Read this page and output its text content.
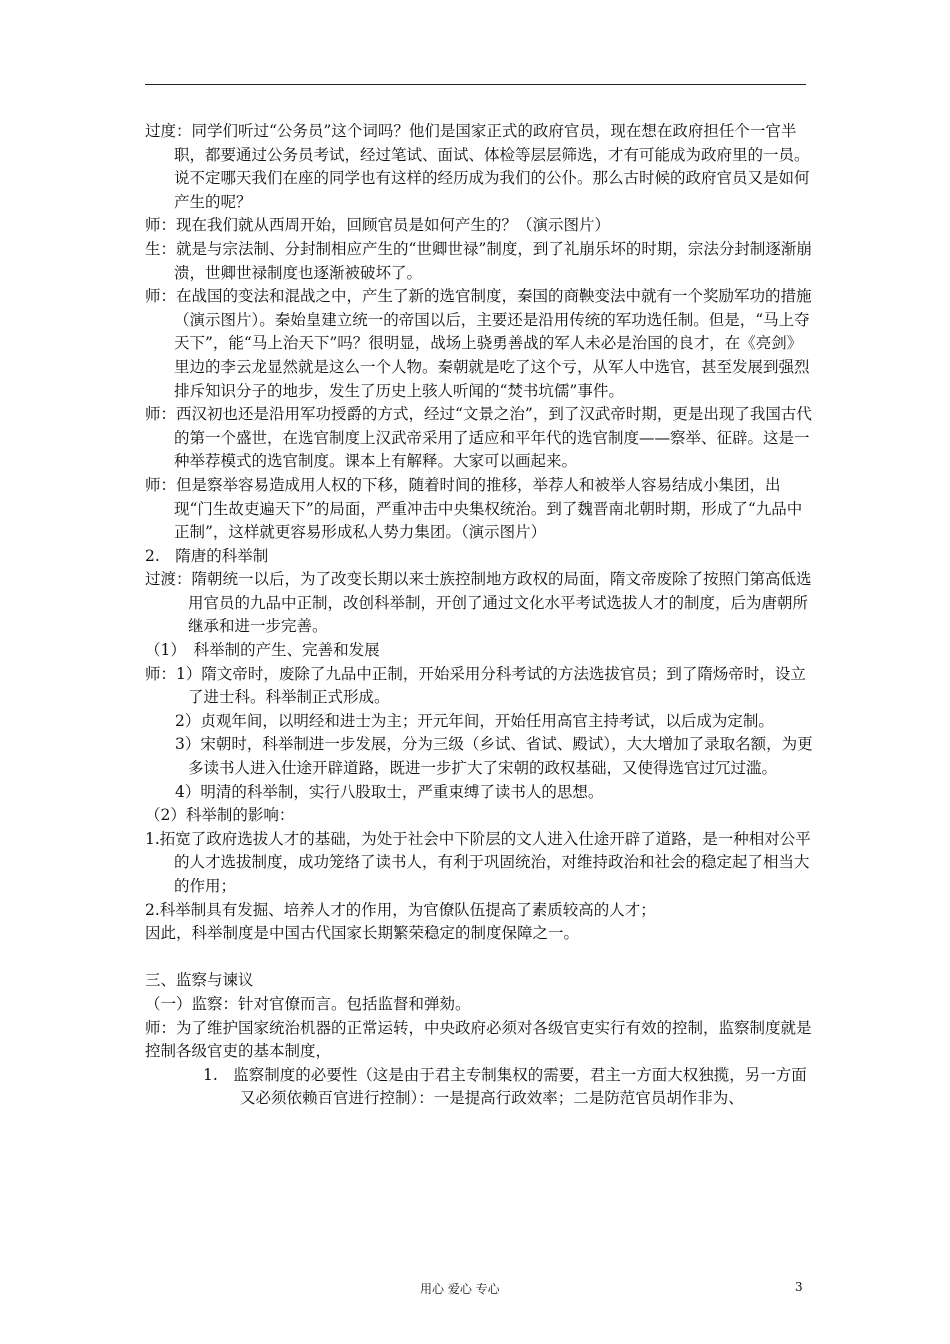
过度：同学们听过“公务员”这个词吗？他们是国家正式的政府官员，现在想在政府担任个一官半职，都要通过公务员考试，经过笔试、面试、体检等层层筛选，才有可能成为政府里的一员。说不定哪天我们在座的同学也有这样的经历成为我们的公仆。那么古时候的政府官员又是如何产生的呢？

师：现在我们就从西周开始，回顾官员是如何产生的？（演示图片）

生：就是与宗法制、分封制相应产生的“世卿世禄”制度，到了礼崩乐坏的时期，宗法分封制逐渐崩溃，世卿世禄制度也逐渐被破坏了。

师：在战国的变法和混战之中，产生了新的选官制度，秦国的商鞅变法中就有一个奖励军功的措施（演示图片）。秦始皇建立统一的帝国以后，主要还是沿用传统的军功选任制。但是，“马上夺天下”，能“马上治天下”吗？很明显，战场上骁勇善战的军人未必是治国的良才，在《亮剑》里边的李云龙显然就是这么一个人物。秦朝就是吃了这个亏，从军人中选官，甚至发展到强烈排斥知识分子的地步，发生了历史上骇人听闻的“焚书坑儒”事件。

师：西汉初也还是沿用军功授爵的方式，经过“文景之治”，到了汉武帝时期，更是出现了我国古代的第一个盛世，在选官制度上汉武帝采用了适应和平年代的选官制度——察举、征辟。这是一种举荐模式的选官制度。课本上有解释。大家可以画起来。

师：但是察举容易造成用人权的下移，随着时间的推移，举荐人和被举人容易结成小集团，出现“门生故吏遍天下”的局面，严重冲击中央集权统治。到了魏晋南北朝时期，形成了“九品中正制”，这样就更容易形成私人势力集团。（演示图片）

2.　隋唐的科举制

过渡：隋朝统一以后，为了改变长期以来士族控制地方政权的局面，隋文帝废除了按照门第高低选用官员的九品中正制，改创科举制，开创了通过文化水平考试选拔人才的制度，后为唐朝所继承和进一步完善。

（1）　科举制的产生、完善和发展

师：1）隋文帝时，废除了九品中正制，开始采用分科考试的方法选拔官员；到了隋炀帝时，设立了进士科。科举制正式形成。

2）贞观年间，以明经和进士为主；开元年间，开始任用高官主持考试，以后成为定制。

3）宋朝时，科举制进一步发展，分为三级（乡试、省试、殿试），大大增加了录取名额，为更多读书人进入仕途开辟道路，既进一步扩大了宋朝的政权基础，又使得选官过冗过滥。

4）明清的科举制，实行八股取士，严重束缚了读书人的思想。

（2）科举制的影响：

1.拓宽了政府选拔人才的基础，为处于社会中下阶层的文人进入仕途开辟了道路，是一种相对公平的人才选拔制度，成功笼络了读书人，有利于巩固统治，对维持政治和社会的稳定起了相当大的作用；

2.科举制具有发掘、培养人才的作用，为官僚队伍提高了素质较高的人才；

因此，科举制度是中国古代国家长期繁荣稳定的制度保障之一。

三、监察与谏议

（一）监察：针对官僚而言。包括监督和弹劾。

师：为了维护国家统治机器的正常运转，中央政府必须对各级官吏实行有效的控制，监察制度就是控制各级官吏的基本制度，

1.　监察制度的必要性（这是由于君主专制集权的需要，君主一方面大权独揽，另一方面又必须依赖百官进行控制）：一是提高行政效率；二是防范官员胡作非为、

用心 爱心 专心	3
